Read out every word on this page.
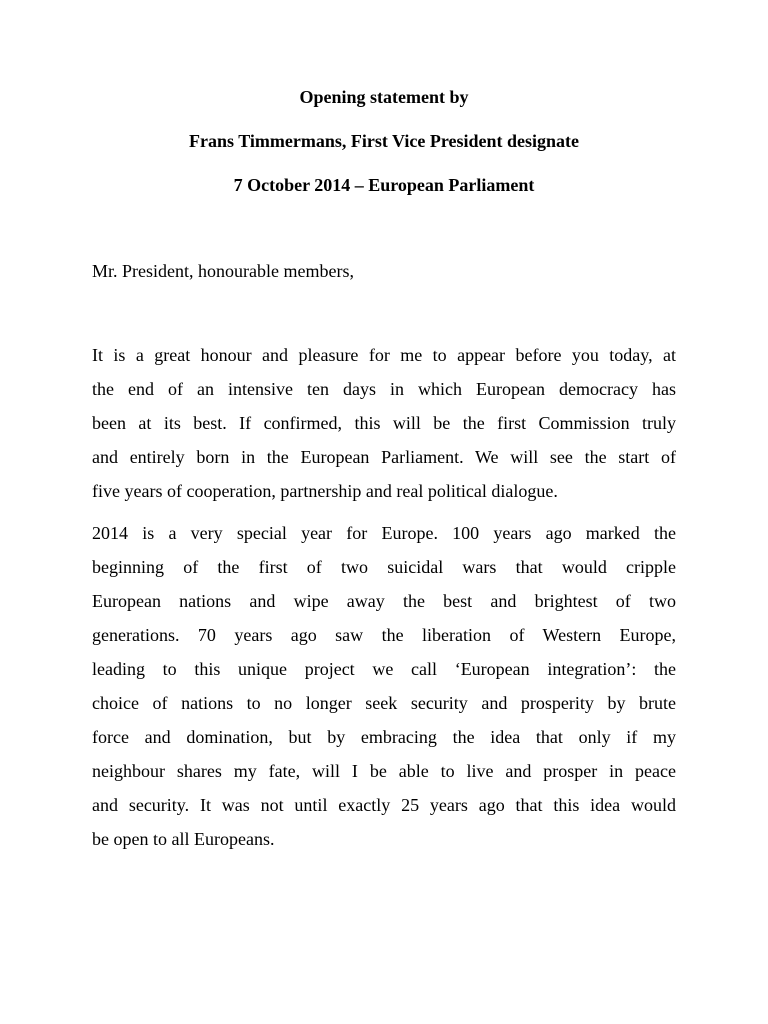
Opening statement by
Frans Timmermans, First Vice President designate
7 October 2014 – European Parliament
Mr. President, honourable members,
It is a great honour and pleasure for me to appear before you today, at
the end of an intensive ten days in which European democracy has
been at its best. If confirmed, this will be the first Commission truly
and entirely born in the European Parliament. We will see the start of
five years of cooperation, partnership and real political dialogue.
2014 is a very special year for Europe. 100 years ago marked the
beginning of the first of two suicidal wars that would cripple
European nations and wipe away the best and brightest of two
generations. 70 years ago saw the liberation of Western Europe,
leading to this unique project we call ‘European integration’: the
choice of nations to no longer seek security and prosperity by brute
force and domination, but by embracing the idea that only if my
neighbour shares my fate, will I be able to live and prosper in peace
and security. It was not until exactly 25 years ago that this idea would
be open to all Europeans.
